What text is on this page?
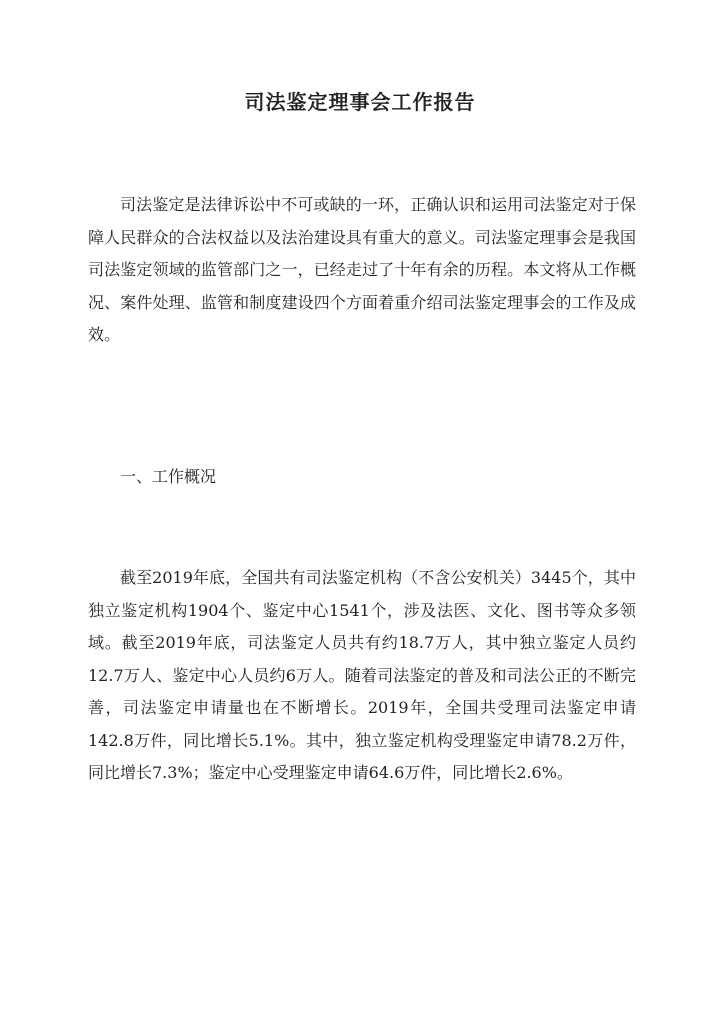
司法鉴定理事会工作报告

司法鉴定是法律诉讼中不可或缺的一环，正确认识和运用司法鉴定对于保障人民群众的合法权益以及法治建设具有重大的意义。司法鉴定理事会是我国司法鉴定领域的监管部门之一，已经走过了十年有余的历程。本文将从工作概况、案件处理、监管和制度建设四个方面着重介绍司法鉴定理事会的工作及成效。

一、工作概况

截至2019年底，全国共有司法鉴定机构（不含公安机关）3445个，其中独立鉴定机构1904个、鉴定中心1541个，涉及法医、文化、图书等众多领域。截至2019年底，司法鉴定人员共有约18.7万人，其中独立鉴定人员约12.7万人、鉴定中心人员约6万人。随着司法鉴定的普及和司法公正的不断完善，司法鉴定申请量也在不断增长。2019年，全国共受理司法鉴定申请142.8万件，同比增长5.1%。其中，独立鉴定机构受理鉴定申请78.2万件，同比增长7.3%；鉴定中心受理鉴定申请64.6万件，同比增长2.6%。
